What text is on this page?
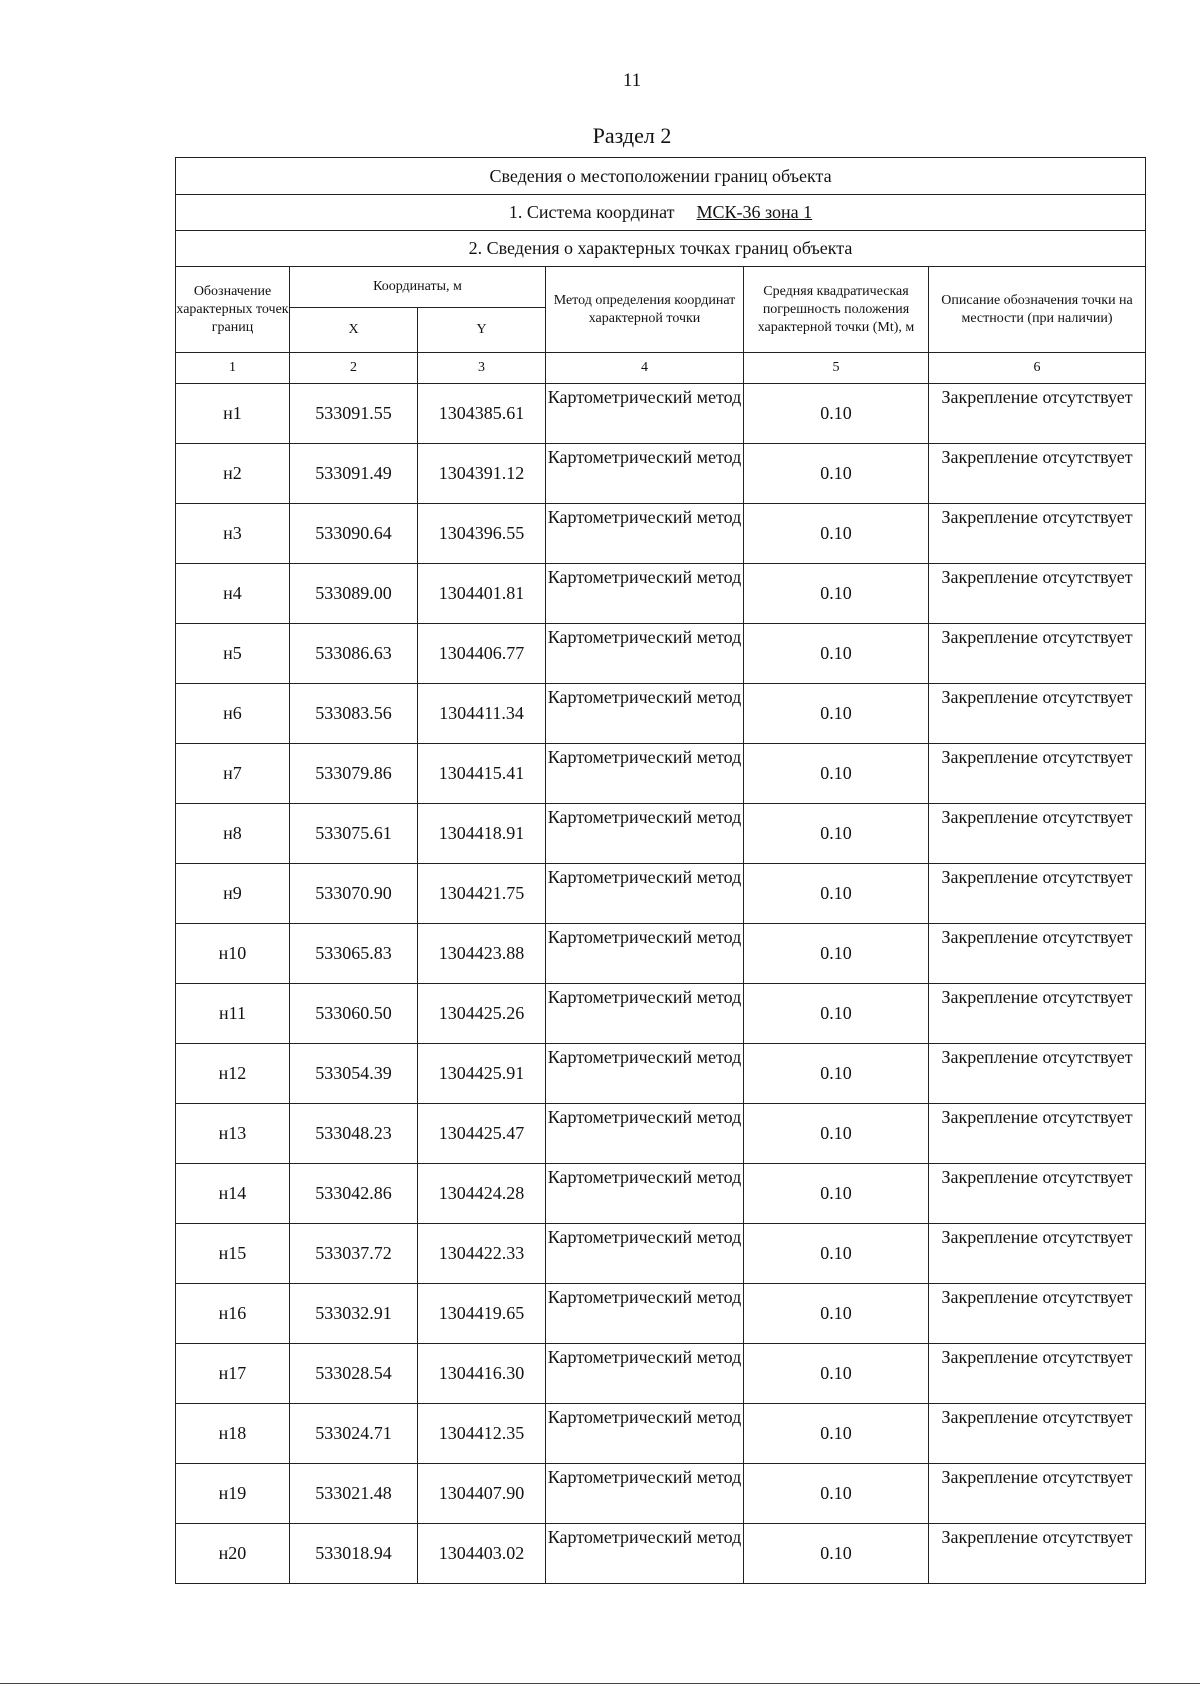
11
Раздел 2
Сведения о местоположении границ объекта					
1. Система координат МСК-36 зона 1					
2. Сведения о характерных точках границ объекта					
Обозначение характерных точек границ	Координаты, м		Метод определения координат характерной точки	Средняя квадратическая погрешность положения характерной точки (Mt), м	Описание обозначения точки на местности (при наличии)
	X	Y			
1	2	3	4	5	6
н1	533091.55	1304385.61	Картометрический метод	0.10	Закрепление отсутствует
н2	533091.49	1304391.12	Картометрический метод	0.10	Закрепление отсутствует
н3	533090.64	1304396.55	Картометрический метод	0.10	Закрепление отсутствует
н4	533089.00	1304401.81	Картометрический метод	0.10	Закрепление отсутствует
н5	533086.63	1304406.77	Картометрический метод	0.10	Закрепление отсутствует
н6	533083.56	1304411.34	Картометрический метод	0.10	Закрепление отсутствует
н7	533079.86	1304415.41	Картометрический метод	0.10	Закрепление отсутствует
н8	533075.61	1304418.91	Картометрический метод	0.10	Закрепление отсутствует
н9	533070.90	1304421.75	Картометрический метод	0.10	Закрепление отсутствует
н10	533065.83	1304423.88	Картометрический метод	0.10	Закрепление отсутствует
н11	533060.50	1304425.26	Картометрический метод	0.10	Закрепление отсутствует
н12	533054.39	1304425.91	Картометрический метод	0.10	Закрепление отсутствует
н13	533048.23	1304425.47	Картометрический метод	0.10	Закрепление отсутствует
н14	533042.86	1304424.28	Картометрический метод	0.10	Закрепление отсутствует
н15	533037.72	1304422.33	Картометрический метод	0.10	Закрепление отсутствует
н16	533032.91	1304419.65	Картометрический метод	0.10	Закрепление отсутствует
н17	533028.54	1304416.30	Картометрический метод	0.10	Закрепление отсутствует
н18	533024.71	1304412.35	Картометрический метод	0.10	Закрепление отсутствует
н19	533021.48	1304407.90	Картометрический метод	0.10	Закрепление отсутствует
н20	533018.94	1304403.02	Картометрический метод	0.10	Закрепление отсутствует
